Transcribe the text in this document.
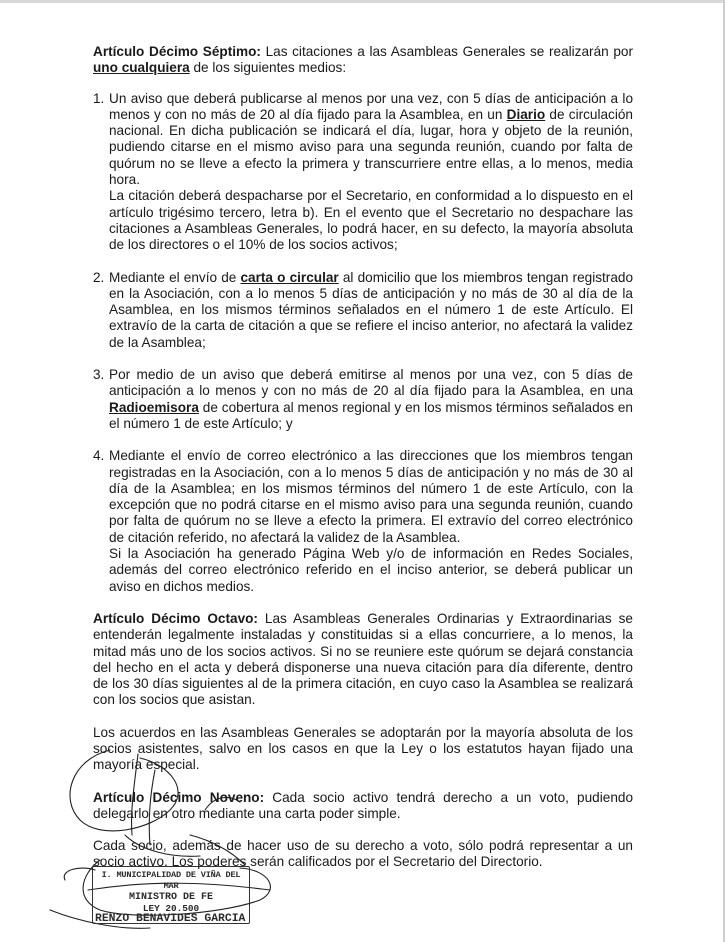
Artículo Décimo Séptimo: Las citaciones a las Asambleas Generales se realizarán por uno cualquiera de los siguientes medios:

1. Un aviso que deberá publicarse al menos por una vez, con 5 días de anticipación a lo menos y con no más de 20 al día fijado para la Asamblea, en un Diario de circulación nacional. En dicha publicación se indicará el día, lugar, hora y objeto de la reunión, pudiendo citarse en el mismo aviso para una segunda reunión, cuando por falta de quórum no se lleve a efecto la primera y transcurriere entre ellas, a lo menos, media hora.

La citación deberá despacharse por el Secretario, en conformidad a lo dispuesto en el artículo trigésimo tercero, letra b). En el evento que el Secretario no despachare las citaciones a Asambleas Generales, lo podrá hacer, en su defecto, la mayoría absoluta de los directores o el 10% de los socios activos;

2. Mediante el envío de carta o circular al domicilio que los miembros tengan registrado en la Asociación, con a lo menos 5 días de anticipación y no más de 30 al día de la Asamblea, en los mismos términos señalados en el número 1 de este Artículo. El extravío de la carta de citación a que se refiere el inciso anterior, no afectará la validez de la Asamblea;

3. Por medio de un aviso que deberá emitirse al menos por una vez, con 5 días de anticipación a lo menos y con no más de 20 al día fijado para la Asamblea, en una Radioemisora de cobertura al menos regional y en los mismos términos señalados en el número 1 de este Artículo; y

4. Mediante el envío de correo electrónico a las direcciones que los miembros tengan registradas en la Asociación, con a lo menos 5 días de anticipación y no más de 30 al día de la Asamblea; en los mismos términos del número 1 de este Artículo, con la excepción que no podrá citarse en el mismo aviso para una segunda reunión, cuando por falta de quórum no se lleve a efecto la primera. El extravío del correo electrónico de citación referido, no afectará la validez de la Asamblea.

Si la Asociación ha generado Página Web y/o de información en Redes Sociales, además del correo electrónico referido en el inciso anterior, se deberá publicar un aviso en dichos medios.

Artículo Décimo Octavo: Las Asambleas Generales Ordinarias y Extraordinarias se entenderán legalmente instaladas y constituidas si a ellas concurriere, a lo menos, la mitad más uno de los socios activos. Si no se reuniere este quórum se dejará constancia del hecho en el acta y deberá disponerse una nueva citación para día diferente, dentro de los 30 días siguientes al de la primera citación, en cuyo caso la Asamblea se realizará con los socios que asistan.

Los acuerdos en las Asambleas Generales se adoptarán por la mayoría absoluta de los socios asistentes, salvo en los casos en que la Ley o los estatutos hayan fijado una mayoría especial.

Artículo Décimo Noveno: Cada socio activo tendrá derecho a un voto, pudiendo delegarlo en otro mediante una carta poder simple.

Cada socio, además de hacer uso de su derecho a voto, sólo podrá representar a un socio activo. Los poderes serán calificados por el Secretario del Directorio.

I. MUNICIPALIDAD DE VIÑA DEL MAR
MINISTRO DE FE
LEY 20.500
RENZO BENAVIDES GARCIA
